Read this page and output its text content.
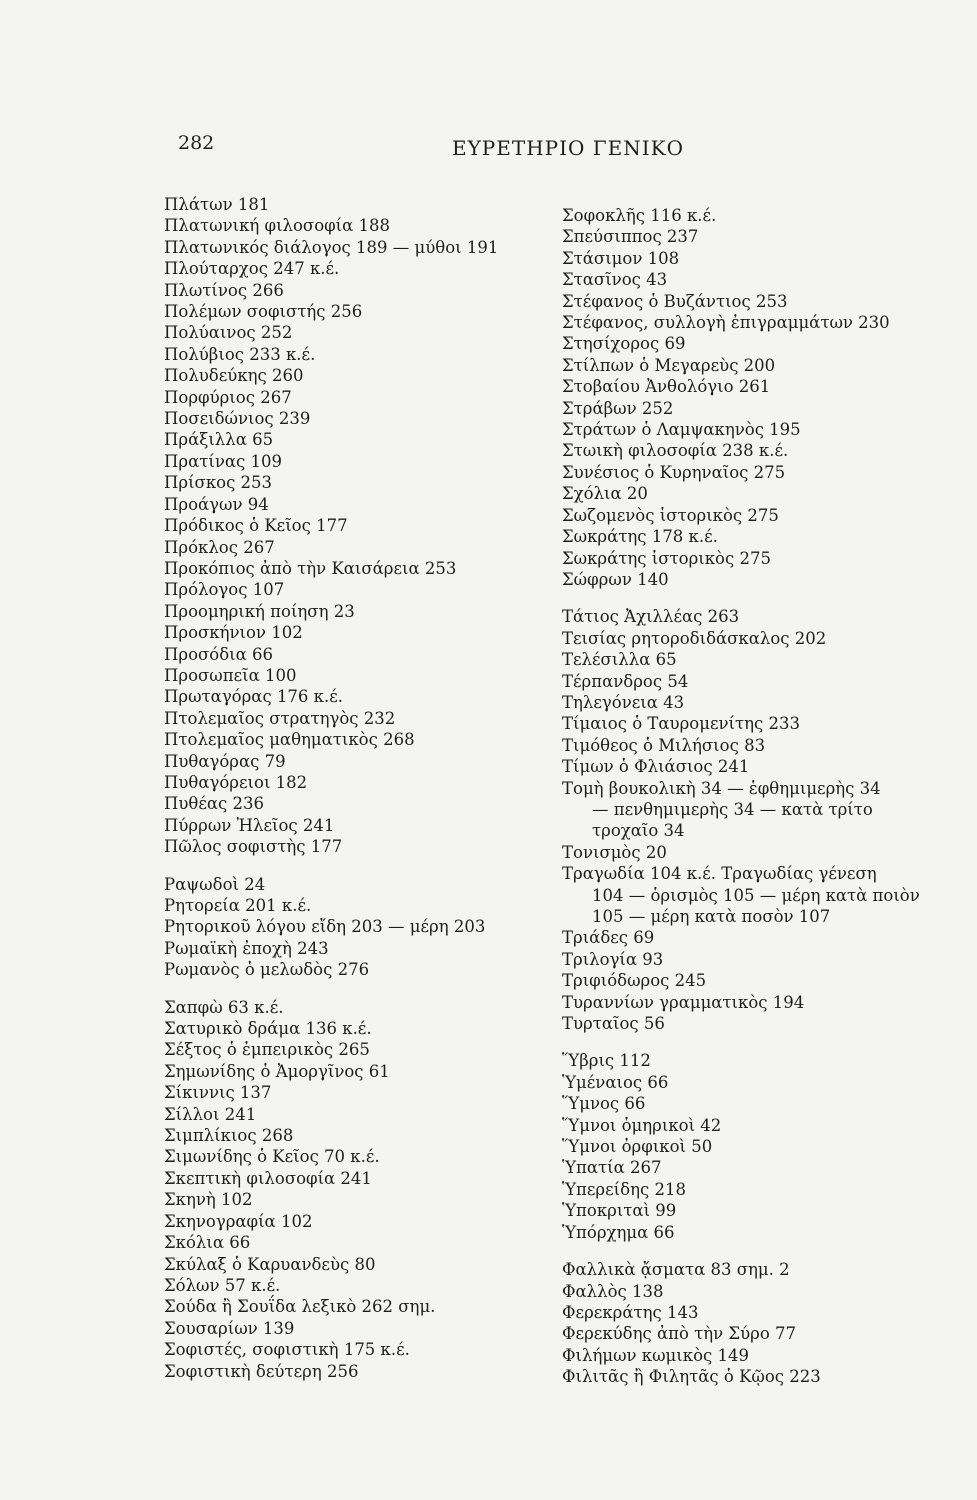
282	ΕΥΡΕΤΗΡΙΟ ΓΕΝΙΚΟ
Πλάτων 181
Πλατωνική φιλοσοφία 188
Πλατωνικός διάλογος 189 — μύθοι 191
Πλούταρχος 247 κ.έ.
Πλωτίνος 266
Πολέμων σοφιστής 256
Πολύαινος 252
Πολύβιος 233 κ.έ.
Πολυδεύκης 260
Πορφύριος 267
Ποσειδώνιος 239
Πράξιλλα 65
Πρατίνας 109
Πρίσκος 253
Προάγων 94
Πρόδικος ὁ Κεῖος 177
Πρόκλος 267
Προκόπιος ἀπὸ τὴν Καισάρεια 253
Πρόλογος 107
Προομηρική ποίηση 23
Προσκήνιον 102
Προσόδια 66
Προσωπεῖα 100
Πρωταγόρας 176 κ.έ.
Πτολεμαῖος στρατηγὸς 232
Πτολεμαῖος μαθηματικὸς 268
Πυθαγόρας 79
Πυθαγόρειοι 182
Πυθέας 236
Πύρρων Ἠλεῖος 241
Πῶλος σοφιστὴς 177
Ραψωδοὶ 24
Ρητορεία 201 κ.έ.
Ρητορικοῦ λόγου εἴδη 203 — μέρη 203
Ρωμαϊκὴ ἐποχὴ 243
Ρωμανὸς ὁ μελωδὸς 276
Σαπφὼ 63 κ.έ.
Σατυρικὸ δράμα 136 κ.έ.
Σέξτος ὁ ἐμπειρικὸς 265
Σημωνίδης ὁ Ἀμοργῖνος 61
Σίκιννις 137
Σίλλοι 241
Σιμπλίκιος 268
Σιμωνίδης ὁ Κεῖος 70 κ.έ.
Σκεπτικὴ φιλοσοφία 241
Σκηνὴ 102
Σκηνογραφία 102
Σκόλια 66
Σκύλαξ ὁ Καρυανδεὺς 80
Σόλων 57 κ.έ.
Σούδα ἢ Σουΐδα λεξικὸ 262 σημ.
Σουσαρίων 139
Σοφιστές, σοφιστικὴ 175 κ.έ.
Σοφιστικὴ δεύτερη 256
Σοφοκλῆς 116 κ.έ.
Σπεύσιππος 237
Στάσιμον 108
Στασῖνος 43
Στέφανος ὁ Βυζάντιος 253
Στέφανος, συλλογὴ ἐπιγραμμάτων 230
Στησίχορος 69
Στίλπων ὁ Μεγαρεὺς 200
Στοβαίου Ἀνθολόγιο 261
Στράβων 252
Στράτων ὁ Λαμψακηνὸς 195
Στωικὴ φιλοσοφία 238 κ.έ.
Συνέσιος ὁ Κυρηναῖος 275
Σχόλια 20
Σωζομενὸς ἱστορικὸς 275
Σωκράτης 178 κ.έ.
Σωκράτης ἱστορικὸς 275
Σώφρων 140
Τάτιος Ἀχιλλέας 263
Τεισίας ρητοροδιδάσκαλος 202
Τελέσιλλα 65
Τέρπανδρος 54
Τηλεγόνεια 43
Τίμαιος ὁ Ταυρομενίτης 233
Τιμόθεος ὁ Μιλήσιος 83
Τίμων ὁ Φλιάσιος 241
Τομὴ βουκολικὴ 34 — ἑφθημιμερὴς 34
— πενθημιμερὴς 34 — κατὰ τρίτο
τροχαῖο 34
Τονισμὸς 20
Τραγωδία 104 κ.έ. Τραγωδίας γένεση
104 — ὁρισμὸς 105 — μέρη κατὰ ποιὸν
105 — μέρη κατὰ ποσὸν 107
Τριάδες 69
Τριλογία 93
Τριφιόδωρος 245
Τυραννίων γραμματικὸς 194
Τυρταῖος 56
Ὕβρις 112
Ὑμέναιος 66
Ὕμνος 66
Ὕμνοι ὁμηρικοὶ 42
Ὕμνοι ὀρφικοὶ 50
Ὑπατία 267
Ὑπερείδης 218
Ὑποκριταὶ 99
Ὑπόρχημα 66
Φαλλικὰ ᾄσματα 83 σημ. 2
Φαλλὸς 138
Φερεκράτης 143
Φερεκύδης ἀπὸ τὴν Σύρο 77
Φιλήμων κωμικὸς 149
Φιλιτᾶς ἢ Φιλητᾶς ὁ Κῷος 223
